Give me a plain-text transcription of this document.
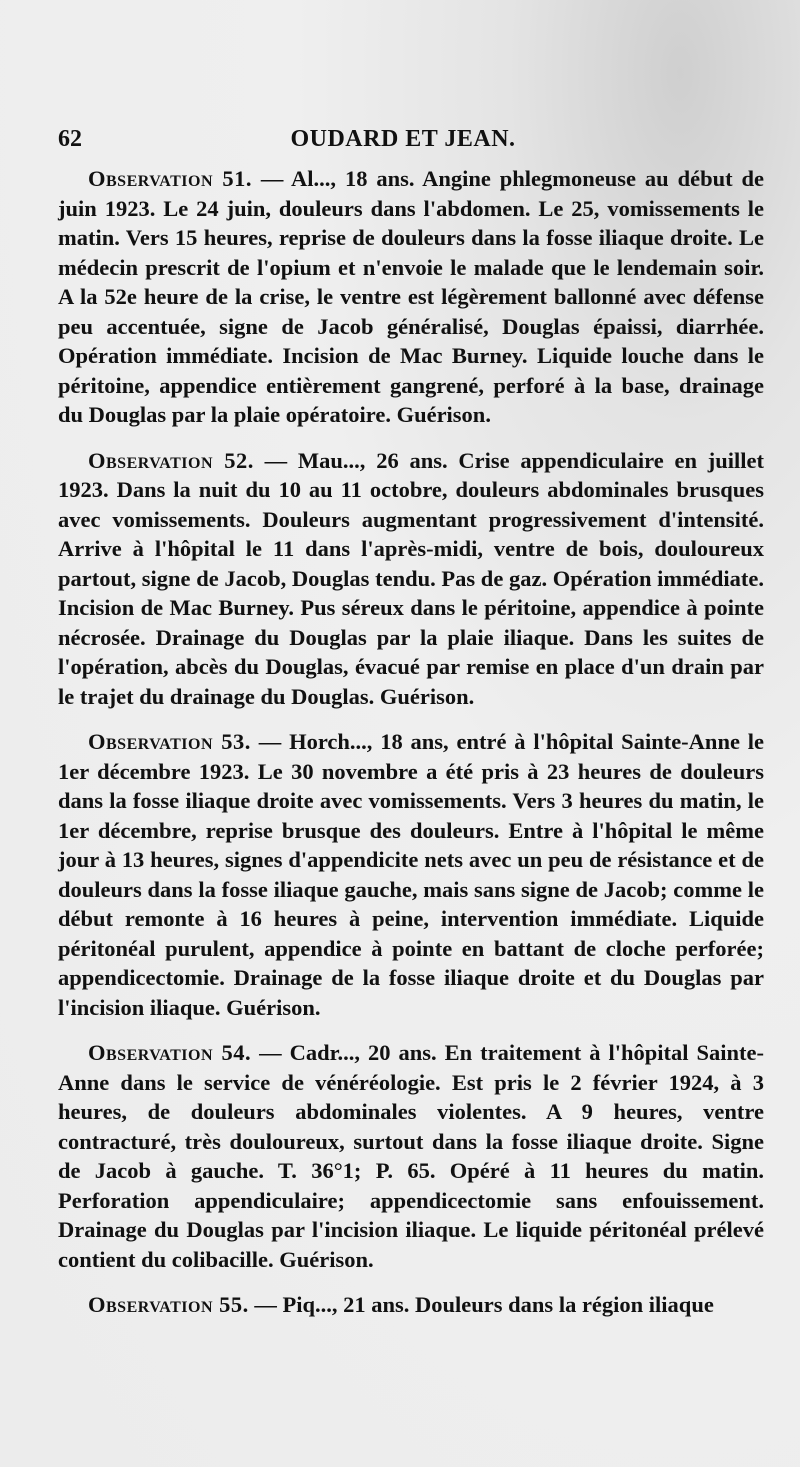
62	OUDARD ET JEAN.

Observation 51. — Al..., 18 ans. Angine phlegmoneuse au début de juin 1923. Le 24 juin, douleurs dans l'abdomen. Le 25, vomissements le matin. Vers 15 heures, reprise de douleurs dans la fosse iliaque droite. Le médecin prescrit de l'opium et n'envoie le malade que le lendemain soir. A la 52e heure de la crise, le ventre est légèrement ballonné avec défense peu accentuée, signe de Jacob généralisé, Douglas épaissi, diarrhée. Opération immédiate. Incision de Mac Burney. Liquide louche dans le péritoine, appendice entièrement gangrené, perforé à la base, drainage du Douglas par la plaie opératoire. Guérison.

Observation 52. — Mau..., 26 ans. Crise appendiculaire en juillet 1923. Dans la nuit du 10 au 11 octobre, douleurs abdominales brusques avec vomissements. Douleurs augmentant progressivement d'intensité. Arrive à l'hôpital le 11 dans l'après-midi, ventre de bois, douloureux partout, signe de Jacob, Douglas tendu. Pas de gaz. Opération immédiate. Incision de Mac Burney. Pus séreux dans le péritoine, appendice à pointe nécrosée. Drainage du Douglas par la plaie iliaque. Dans les suites de l'opération, abcès du Douglas, évacué par remise en place d'un drain par le trajet du drainage du Douglas. Guérison.

Observation 53. — Horch..., 18 ans, entré à l'hôpital Sainte-Anne le 1er décembre 1923. Le 30 novembre a été pris à 23 heures de douleurs dans la fosse iliaque droite avec vomissements. Vers 3 heures du matin, le 1er décembre, reprise brusque des douleurs. Entre à l'hôpital le même jour à 13 heures, signes d'appendicite nets avec un peu de résistance et de douleurs dans la fosse iliaque gauche, mais sans signe de Jacob; comme le début remonte à 16 heures à peine, intervention immédiate. Liquide péritonéal purulent, appendice à pointe en battant de cloche perforée; appendicectomie. Drainage de la fosse iliaque droite et du Douglas par l'incision iliaque. Guérison.

Observation 54. — Cadr..., 20 ans. En traitement à l'hôpital Sainte-Anne dans le service de vénéréologie. Est pris le 2 février 1924, à 3 heures, de douleurs abdominales violentes. A 9 heures, ventre contracturé, très douloureux, surtout dans la fosse iliaque droite. Signe de Jacob à gauche. T. 36°1; P. 65. Opéré à 11 heures du matin. Perforation appendiculaire; appendicectomie sans enfouissement. Drainage du Douglas par l'incision iliaque. Le liquide péritonéal prélevé contient du colibacille. Guérison.

Observation 55. — Piq..., 21 ans. Douleurs dans la région iliaque
